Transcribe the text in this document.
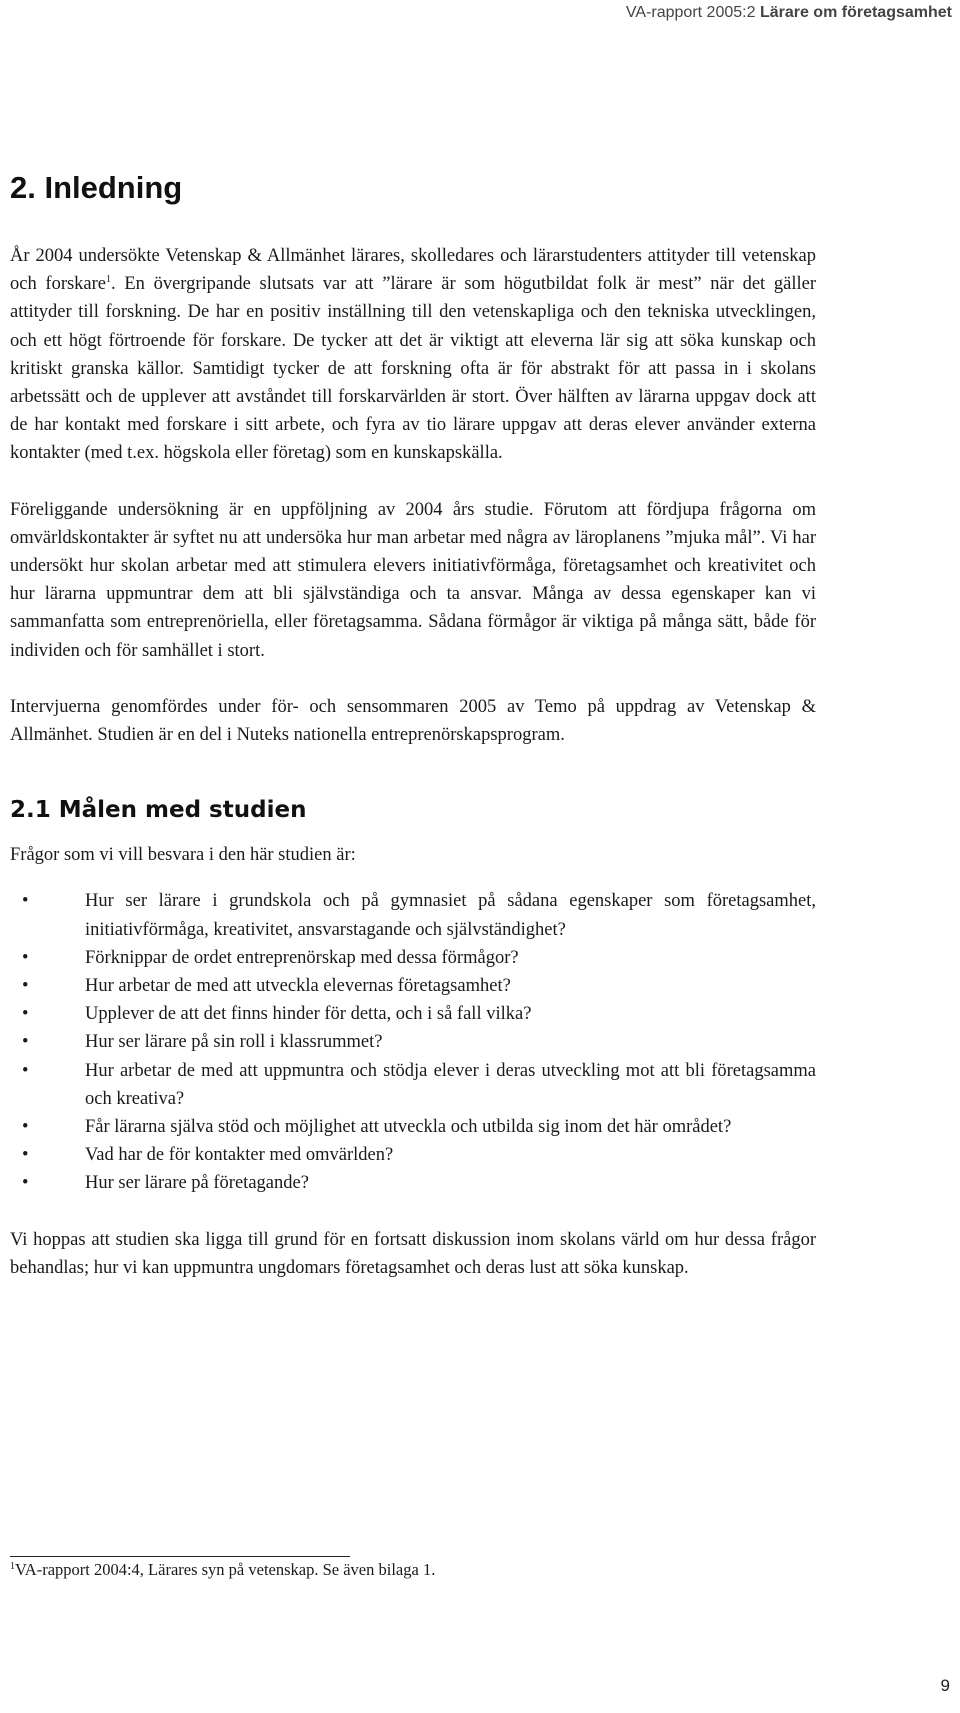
VA-rapport 2005:2 Lärare om företagsamhet
2. Inledning

År 2004 undersökte Vetenskap & Allmänhet lärares, skolledares och lärarstudenters attityder till vetenskap och forskare$^1$. En övergripande slutsats var att ”lärare är som högutbildat folk är mest” när det gäller attityder till forskning. De har en positiv inställning till den vetenskapliga och den tekniska utvecklingen, och ett högt förtroende för forskare. De tycker att det är viktigt att eleverna lär sig att söka kunskap och kritiskt granska källor. Samtidigt tycker de att forskning ofta är för abstrakt för att passa in i skolans arbetssätt och de upplever att avståndet till forskarvärlden är stort. Över hälften av lärarna uppgav dock att de har kontakt med forskare i sitt arbete, och fyra av tio lärare uppgav att deras elever använder externa kontakter (med t.ex. högskola eller företag) som en kunskapskälla.

Föreliggande undersökning är en uppföljning av 2004 års studie. Förutom att fördjupa frågorna om omvärldskontakter är syftet nu att undersöka hur man arbetar med några av läroplanens ”mjuka mål”. Vi har undersökt hur skolan arbetar med att stimulera elevers initiativförmåga, företagsamhet och kreativitet och hur lärarna uppmuntrar dem att bli självständiga och ta ansvar. Många av dessa egenskaper kan vi sammanfatta som entreprenöriella, eller företagsamma. Sådana förmågor är viktiga på många sätt, både för individen och för samhället i stort.

Intervjuerna genomfördes under för- och sensommaren 2005 av Temo på uppdrag av Vetenskap & Allmänhet. Studien är en del i Nuteks nationella entreprenörskapsprogram.

2.1 Målen med studien

Frågor som vi vill besvara i den här studien är:

• Hur ser lärare i grundskola och på gymnasiet på sådana egenskaper som företagsamhet, initiativförmåga, kreativitet, ansvarstagande och självständighet?
• Förknippar de ordet entreprenörskap med dessa förmågor?
• Hur arbetar de med att utveckla elevernas företagsamhet?
• Upplever de att det finns hinder för detta, och i så fall vilka?
• Hur ser lärare på sin roll i klassrummet?
• Hur arbetar de med att uppmuntra och stödja elever i deras utveckling mot att bli företagsamma och kreativa?
• Får lärarna själva stöd och möjlighet att utveckla och utbilda sig inom det här området?
• Vad har de för kontakter med omvärlden?
• Hur ser lärare på företagande?

Vi hoppas att studien ska ligga till grund för en fortsatt diskussion inom skolans värld om hur dessa frågor behandlas; hur vi kan uppmuntra ungdomars företagsamhet och deras lust att söka kunskap.

$^1$VA-rapport 2004:4, Lärares syn på vetenskap. Se även bilaga 1.
9
